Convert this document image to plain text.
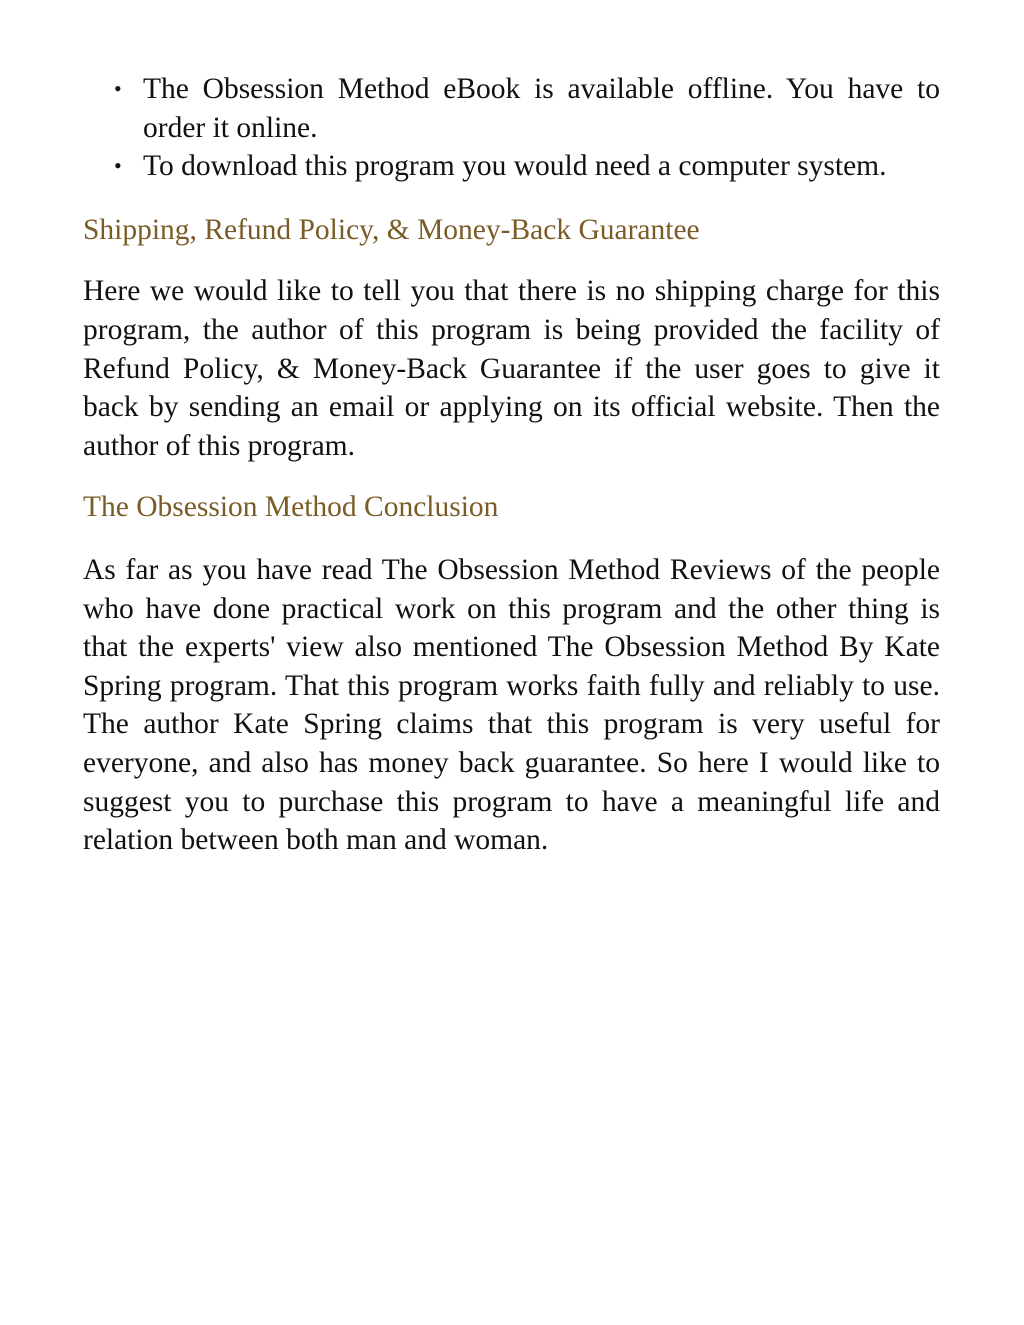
• The Obsession Method eBook is available offline. You have to order it online.
• To download this program you would need a computer system.
Shipping, Refund Policy, & Money-Back Guarantee

Here we would like to tell you that there is no shipping charge for this program, the author of this program is being provided the facility of Refund Policy, & Money-Back Guarantee if the user goes to give it back by sending an email or applying on its official website. Then the author of this program.

The Obsession Method Conclusion

As far as you have read The Obsession Method Reviews of the people who have done practical work on this program and the other thing is that the experts' view also mentioned The Obsession Method By Kate Spring program. That this program works faith fully and reliably to use. The author Kate Spring claims that this program is very useful for everyone, and also has money back guarantee. So here I would like to suggest you to purchase this program to have a meaningful life and relation between both man and woman.
